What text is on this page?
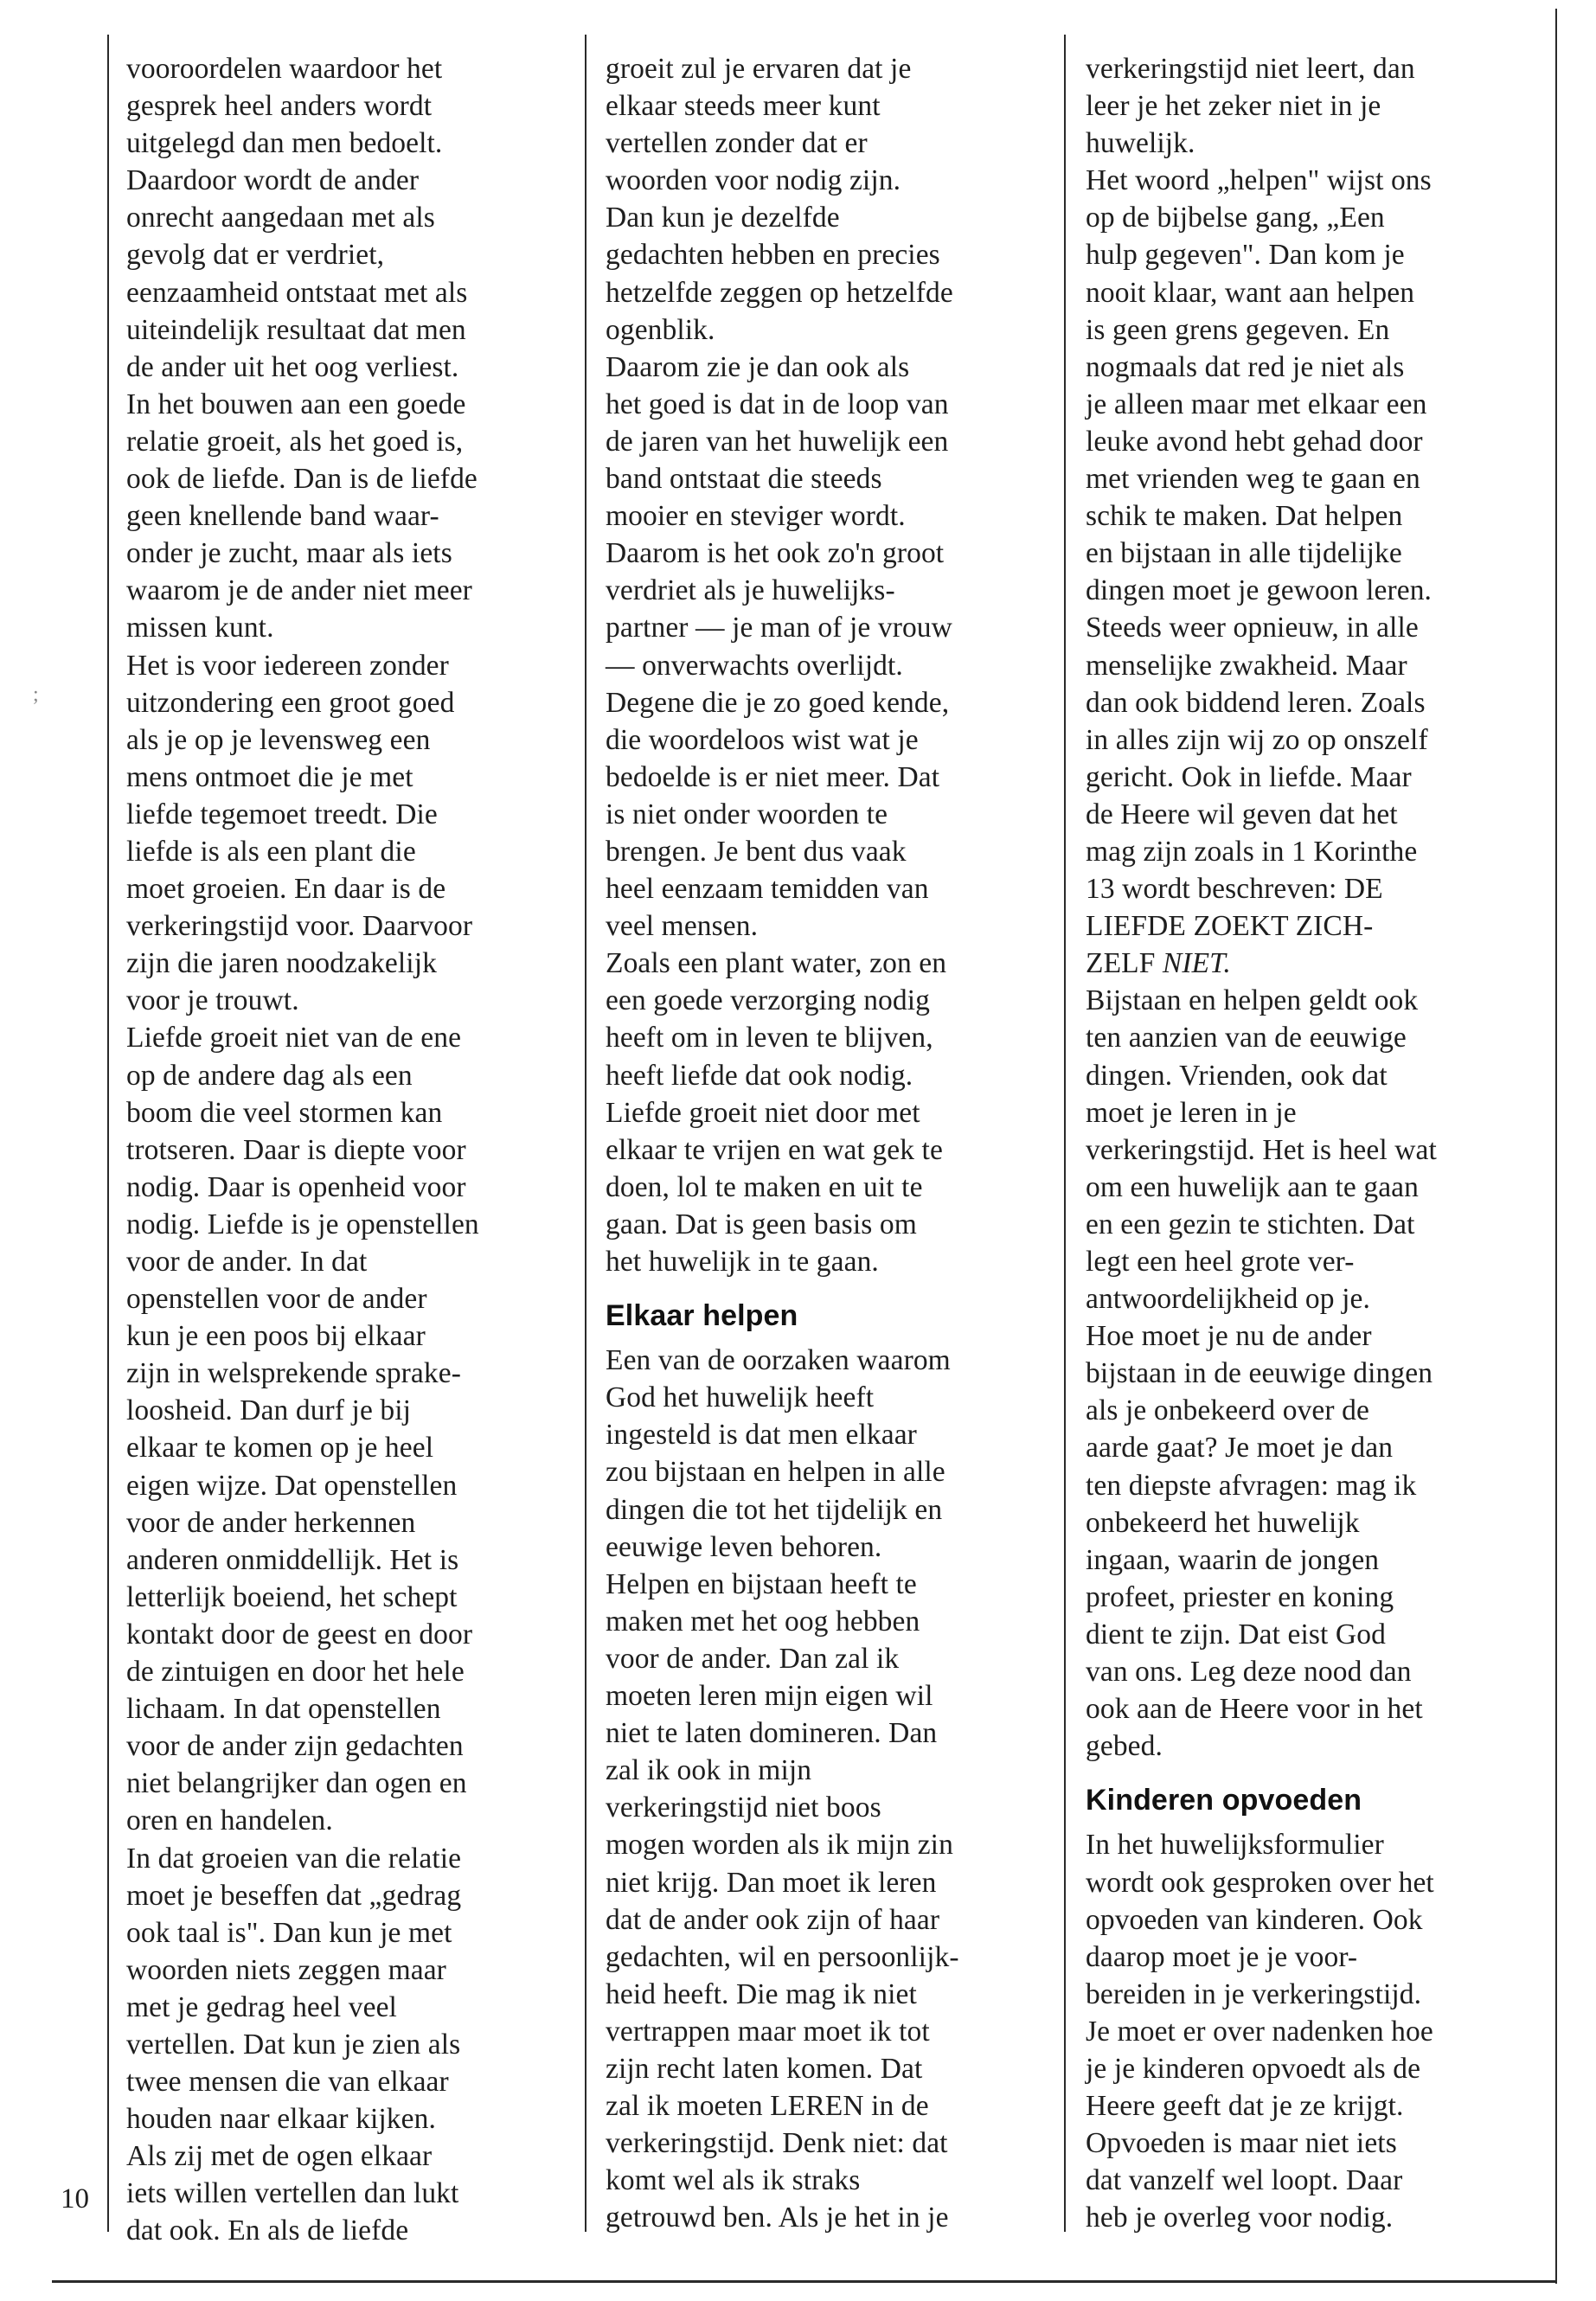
;
10
vooroordelen waardoor het
gesprek heel anders wordt
uitgelegd dan men bedoelt.
Daardoor wordt de ander
onrecht aangedaan met als
gevolg dat er verdriet,
eenzaamheid ontstaat met als
uiteindelijk resultaat dat men
de ander uit het oog verliest.
In het bouwen aan een goede
relatie groeit, als het goed is,
ook de liefde. Dan is de liefde
geen knellende band waar-
onder je zucht, maar als iets
waarom je de ander niet meer
missen kunt.
Het is voor iedereen zonder
uitzondering een groot goed
als je op je levensweg een
mens ontmoet die je met
liefde tegemoet treedt. Die
liefde is als een plant die
moet groeien. En daar is de
verkeringstijd voor. Daarvoor
zijn die jaren noodzakelijk
voor je trouwt.
Liefde groeit niet van de ene
op de andere dag als een
boom die veel stormen kan
trotseren. Daar is diepte voor
nodig. Daar is openheid voor
nodig. Liefde is je openstellen
voor de ander. In dat
openstellen voor de ander
kun je een poos bij elkaar
zijn in welsprekende sprake-
loosheid. Dan durf je bij
elkaar te komen op je heel
eigen wijze. Dat openstellen
voor de ander herkennen
anderen onmiddellijk. Het is
letterlijk boeiend, het schept
kontakt door de geest en door
de zintuigen en door het hele
lichaam. In dat openstellen
voor de ander zijn gedachten
niet belangrijker dan ogen en
oren en handelen.
In dat groeien van die relatie
moet je beseffen dat „gedrag
ook taal is". Dan kun je met
woorden niets zeggen maar
met je gedrag heel veel
vertellen. Dat kun je zien als
twee mensen die van elkaar
houden naar elkaar kijken.
Als zij met de ogen elkaar
iets willen vertellen dan lukt
dat ook. En als de liefde
groeit zul je ervaren dat je
elkaar steeds meer kunt
vertellen zonder dat er
woorden voor nodig zijn.
Dan kun je dezelfde
gedachten hebben en precies
hetzelfde zeggen op hetzelfde
ogenblik.
Daarom zie je dan ook als
het goed is dat in de loop van
de jaren van het huwelijk een
band ontstaat die steeds
mooier en steviger wordt.
Daarom is het ook zo'n groot
verdriet als je huwelijks-
partner — je man of je vrouw
— onverwachts overlijdt.
Degene die je zo goed kende,
die woordeloos wist wat je
bedoelde is er niet meer. Dat
is niet onder woorden te
brengen. Je bent dus vaak
heel eenzaam temidden van
veel mensen.
Zoals een plant water, zon en
een goede verzorging nodig
heeft om in leven te blijven,
heeft liefde dat ook nodig.
Liefde groeit niet door met
elkaar te vrijen en wat gek te
doen, lol te maken en uit te
gaan. Dat is geen basis om
het huwelijk in te gaan.
Elkaar helpen
Een van de oorzaken waarom
God het huwelijk heeft
ingesteld is dat men elkaar
zou bijstaan en helpen in alle
dingen die tot het tijdelijk en
eeuwige leven behoren.
Helpen en bijstaan heeft te
maken met het oog hebben
voor de ander. Dan zal ik
moeten leren mijn eigen wil
niet te laten domineren. Dan
zal ik ook in mijn
verkeringstijd niet boos
mogen worden als ik mijn zin
niet krijg. Dan moet ik leren
dat de ander ook zijn of haar
gedachten, wil en persoonlijk-
heid heeft. Die mag ik niet
vertrappen maar moet ik tot
zijn recht laten komen. Dat
zal ik moeten LEREN in de
verkeringstijd. Denk niet: dat
komt wel als ik straks
getrouwd ben. Als je het in je
verkeringstijd niet leert, dan
leer je het zeker niet in je
huwelijk.
Het woord „helpen" wijst ons
op de bijbelse gang, „Een
hulp gegeven". Dan kom je
nooit klaar, want aan helpen
is geen grens gegeven. En
nogmaals dat red je niet als
je alleen maar met elkaar een
leuke avond hebt gehad door
met vrienden weg te gaan en
schik te maken. Dat helpen
en bijstaan in alle tijdelijke
dingen moet je gewoon leren.
Steeds weer opnieuw, in alle
menselijke zwakheid. Maar
dan ook biddend leren. Zoals
in alles zijn wij zo op onszelf
gericht. Ook in liefde. Maar
de Heere wil geven dat het
mag zijn zoals in 1 Korinthe
13 wordt beschreven: DE
LIEFDE ZOEKT ZICH-
ZELF NIET.
Bijstaan en helpen geldt ook
ten aanzien van de eeuwige
dingen. Vrienden, ook dat
moet je leren in je
verkeringstijd. Het is heel wat
om een huwelijk aan te gaan
en een gezin te stichten. Dat
legt een heel grote ver-
antwoordelijkheid op je.
Hoe moet je nu de ander
bijstaan in de eeuwige dingen
als je onbekeerd over de
aarde gaat? Je moet je dan
ten diepste afvragen: mag ik
onbekeerd het huwelijk
ingaan, waarin de jongen
profeet, priester en koning
dient te zijn. Dat eist God
van ons. Leg deze nood dan
ook aan de Heere voor in het
gebed.
Kinderen opvoeden
In het huwelijksformulier
wordt ook gesproken over het
opvoeden van kinderen. Ook
daarop moet je je voor-
bereiden in je verkeringstijd.
Je moet er over nadenken hoe
je je kinderen opvoedt als de
Heere geeft dat je ze krijgt.
Opvoeden is maar niet iets
dat vanzelf wel loopt. Daar
heb je overleg voor nodig.
